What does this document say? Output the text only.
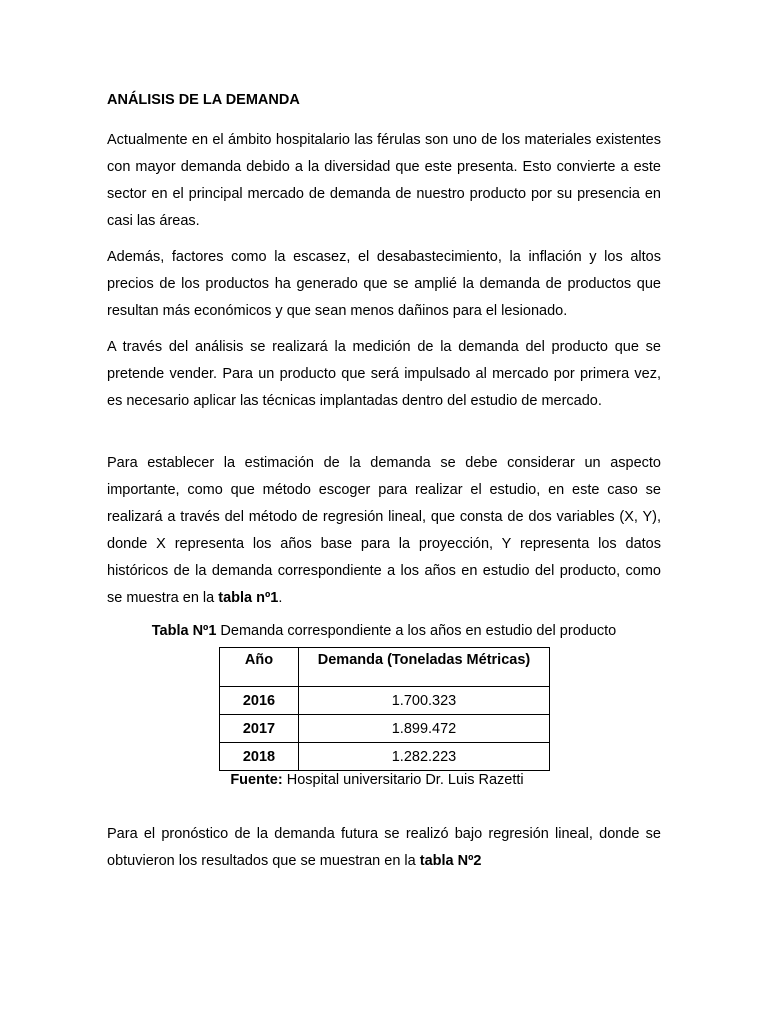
ANÁLISIS DE LA DEMANDA

Actualmente en el ámbito hospitalario las férulas son uno de los materiales existentes con mayor demanda debido a la diversidad que este presenta. Esto convierte a este sector en el principal mercado de demanda de nuestro producto por su presencia en casi las áreas.

Además, factores como la escasez, el desabastecimiento, la inflación y los altos precios de los productos ha generado que se amplié la demanda de productos que resultan más económicos y que sean menos dañinos para el lesionado.

A través del análisis se realizará la medición de la demanda del producto que se pretende vender. Para un producto que será impulsado al mercado por primera vez, es necesario aplicar las técnicas implantadas dentro del estudio de mercado.

Para establecer la estimación de la demanda se debe considerar un aspecto importante, como que método escoger para realizar el estudio, en este caso se realizará a través del método de regresión lineal, que consta de dos variables (X, Y), donde X representa los años base para la proyección, Y representa los datos históricos de la demanda correspondiente a los años en estudio del producto, como se muestra en la tabla nº1.

Tabla Nº1 Demanda correspondiente a los años en estudio del producto
Año	Demanda (Toneladas Métricas)
2016	1.700.323
2017	1.899.472
2018	1.282.223
Fuente: Hospital universitario Dr. Luis Razetti

Para el pronóstico de la demanda futura se realizó bajo regresión lineal, donde se obtuvieron los resultados que se muestran en la tabla Nº2
